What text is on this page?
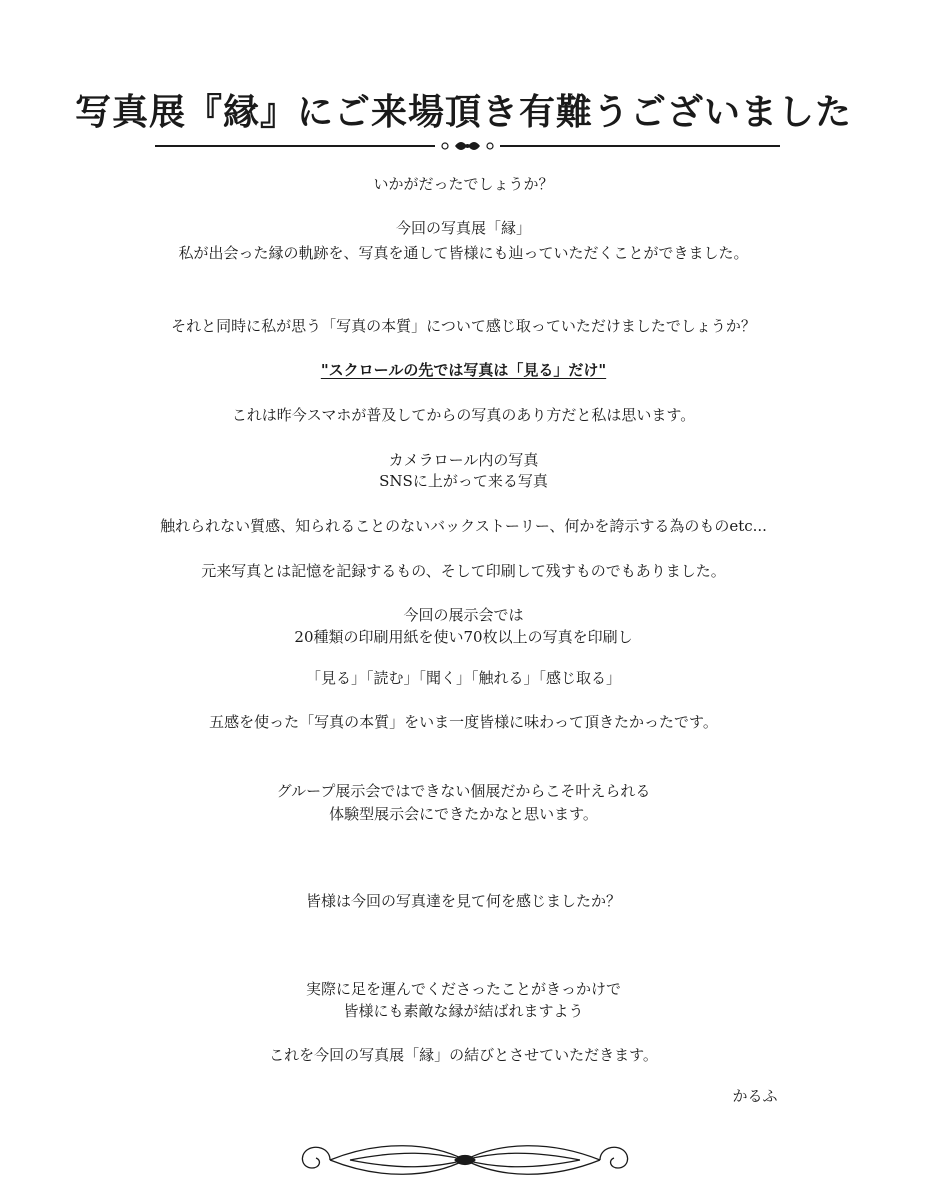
写真展『縁』にご来場頂き有難うございました

いかがだったでしょうか？

今回の写真展「縁」

私が出会った縁の軌跡を、写真を通して皆様にも辿っていただくことができました。

それと同時に私が思う「写真の本質」について感じ取っていただけましたでしょうか？

"スクロールの先では写真は「見る」だけ"

これは昨今スマホが普及してからの写真のあり方だと私は思います。

カメラロール内の写真

SNSに上がって来る写真

触れられない質感、知られることのないバックストーリー、何かを誇示する為のものetc...

元来写真とは記憶を記録するもの、そして印刷して残すものでもありました。

今回の展示会では

20種類の印刷用紙を使い70枚以上の写真を印刷し

「見る」「読む」「聞く」「触れる」「感じ取る」

五感を使った「写真の本質」をいま一度皆様に味わって頂きたかったです。

グループ展示会ではできない個展だからこそ叶えられる

体験型展示会にできたかなと思います。

皆様は今回の写真達を見て何を感じましたか？

実際に足を運んでくださったことがきっかけで

皆様にも素敵な縁が結ばれますよう

これを今回の写真展「縁」の結びとさせていただきます。

かるふ
